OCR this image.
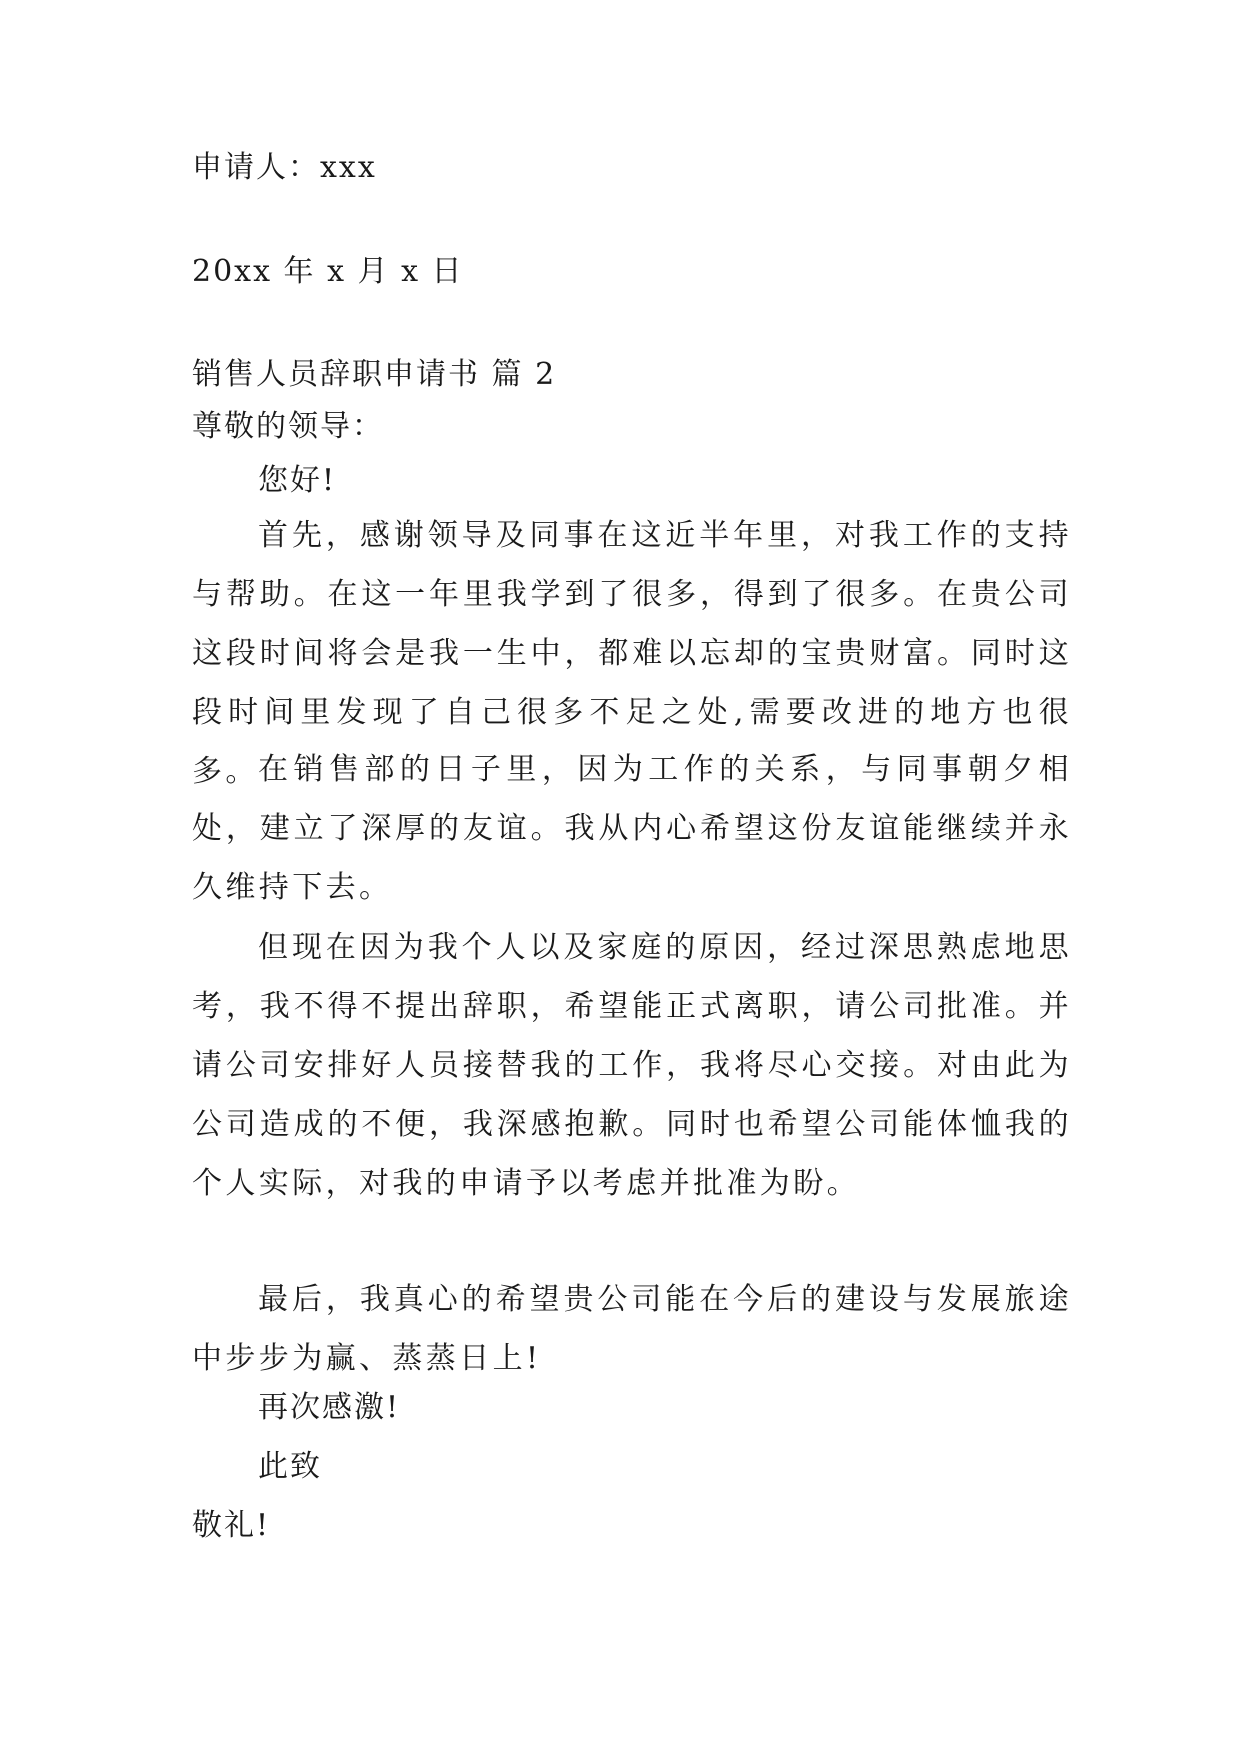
申请人：xxx
20xx 年 x 月 x 日
销售人员辞职申请书 篇 2
尊敬的领导：
您好!
首先，感谢领导及同事在这近半年里，对我工作的支持与帮助。在这一年里我学到了很多，得到了很多。在贵公司这段时间将会是我一生中，都难以忘却的宝贵财富。同时这段时间里发现了自己很多不足之处,需要改进的地方也很多。 在销售部的日子里，因为工作的关系，与同事朝夕相处，建立了深厚的友谊。我从内心希望这份友谊能继续并永久维持下去。
但现在因为我个人以及家庭的原因，经过深思熟虑地思考，我不得不提出辞职，希望能正式离职，请公司批准。并请公司安排好人员接替我的工作，我将尽心交接。对由此为公司造成的不便，我深感抱歉。同时也希望公司能体恤我的个人实际，对我的申请予以考虑并批准为盼。
最后，我真心的希望贵公司能在今后的建设与发展旅途中步步为赢、蒸蒸日上!
再次感激!
此致
敬礼!
